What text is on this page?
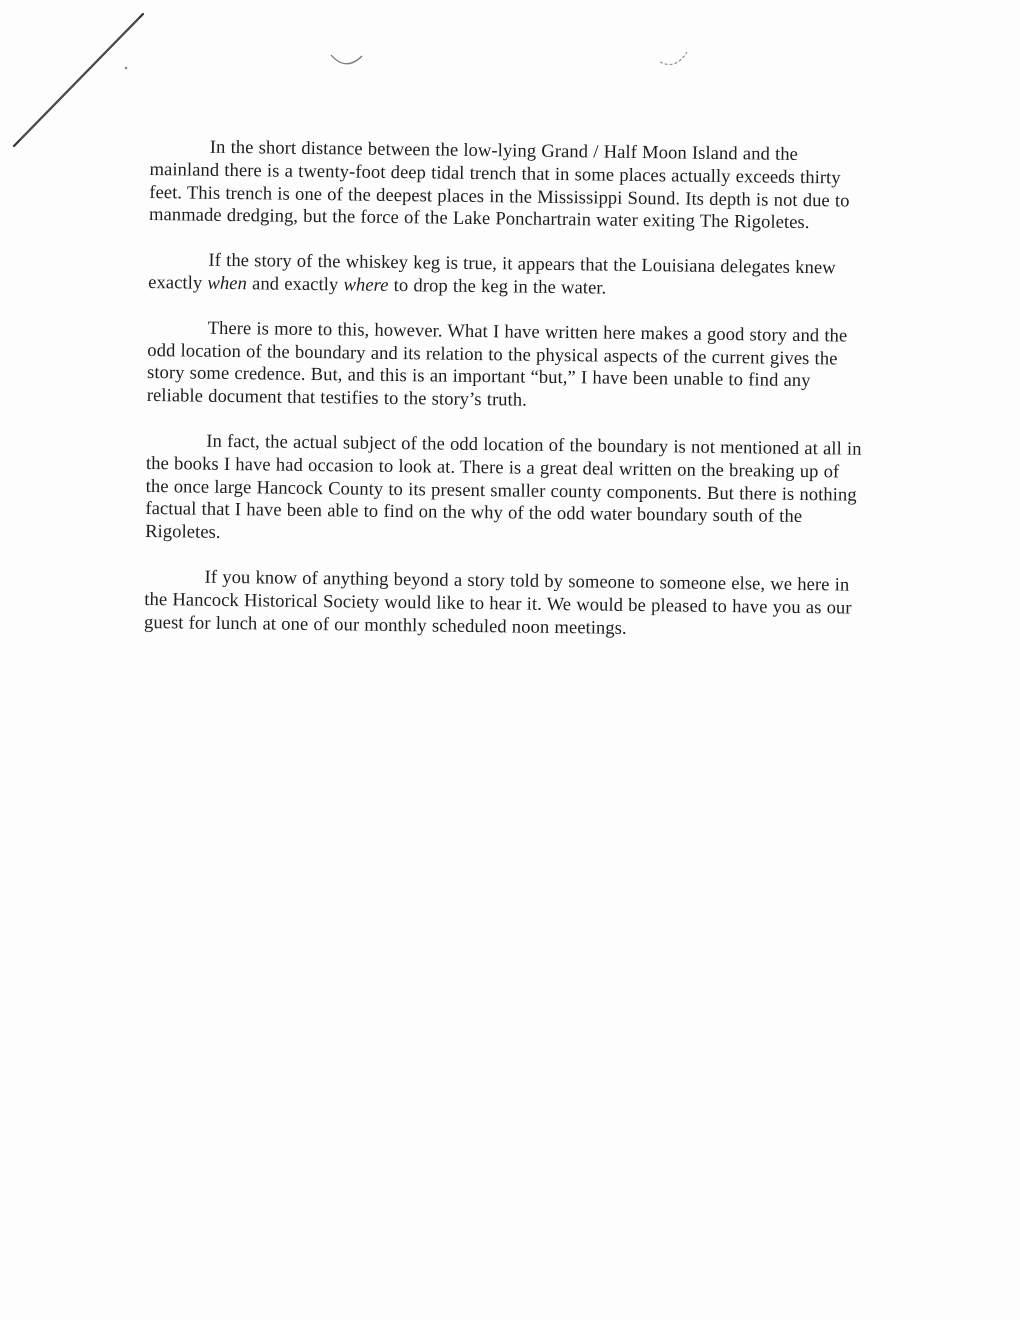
In the short distance between the low-lying Grand / Half Moon Island and the mainland there is a twenty-foot deep tidal trench that in some places actually exceeds thirty feet. This trench is one of the deepest places in the Mississippi Sound. Its depth is not due to manmade dredging, but the force of the Lake Ponchartrain water exiting The Rigoletes.

If the story of the whiskey keg is true, it appears that the Louisiana delegates knew exactly when and exactly where to drop the keg in the water.

There is more to this, however. What I have written here makes a good story and the odd location of the boundary and its relation to the physical aspects of the current gives the story some credence. But, and this is an important “but,” I have been unable to find any reliable document that testifies to the story’s truth.

In fact, the actual subject of the odd location of the boundary is not mentioned at all in the books I have had occasion to look at. There is a great deal written on the breaking up of the once large Hancock County to its present smaller county components. But there is nothing factual that I have been able to find on the why of the odd water boundary south of the Rigoletes.

If you know of anything beyond a story told by someone to someone else, we here in the Hancock Historical Society would like to hear it. We would be pleased to have you as our guest for lunch at one of our monthly scheduled noon meetings.
